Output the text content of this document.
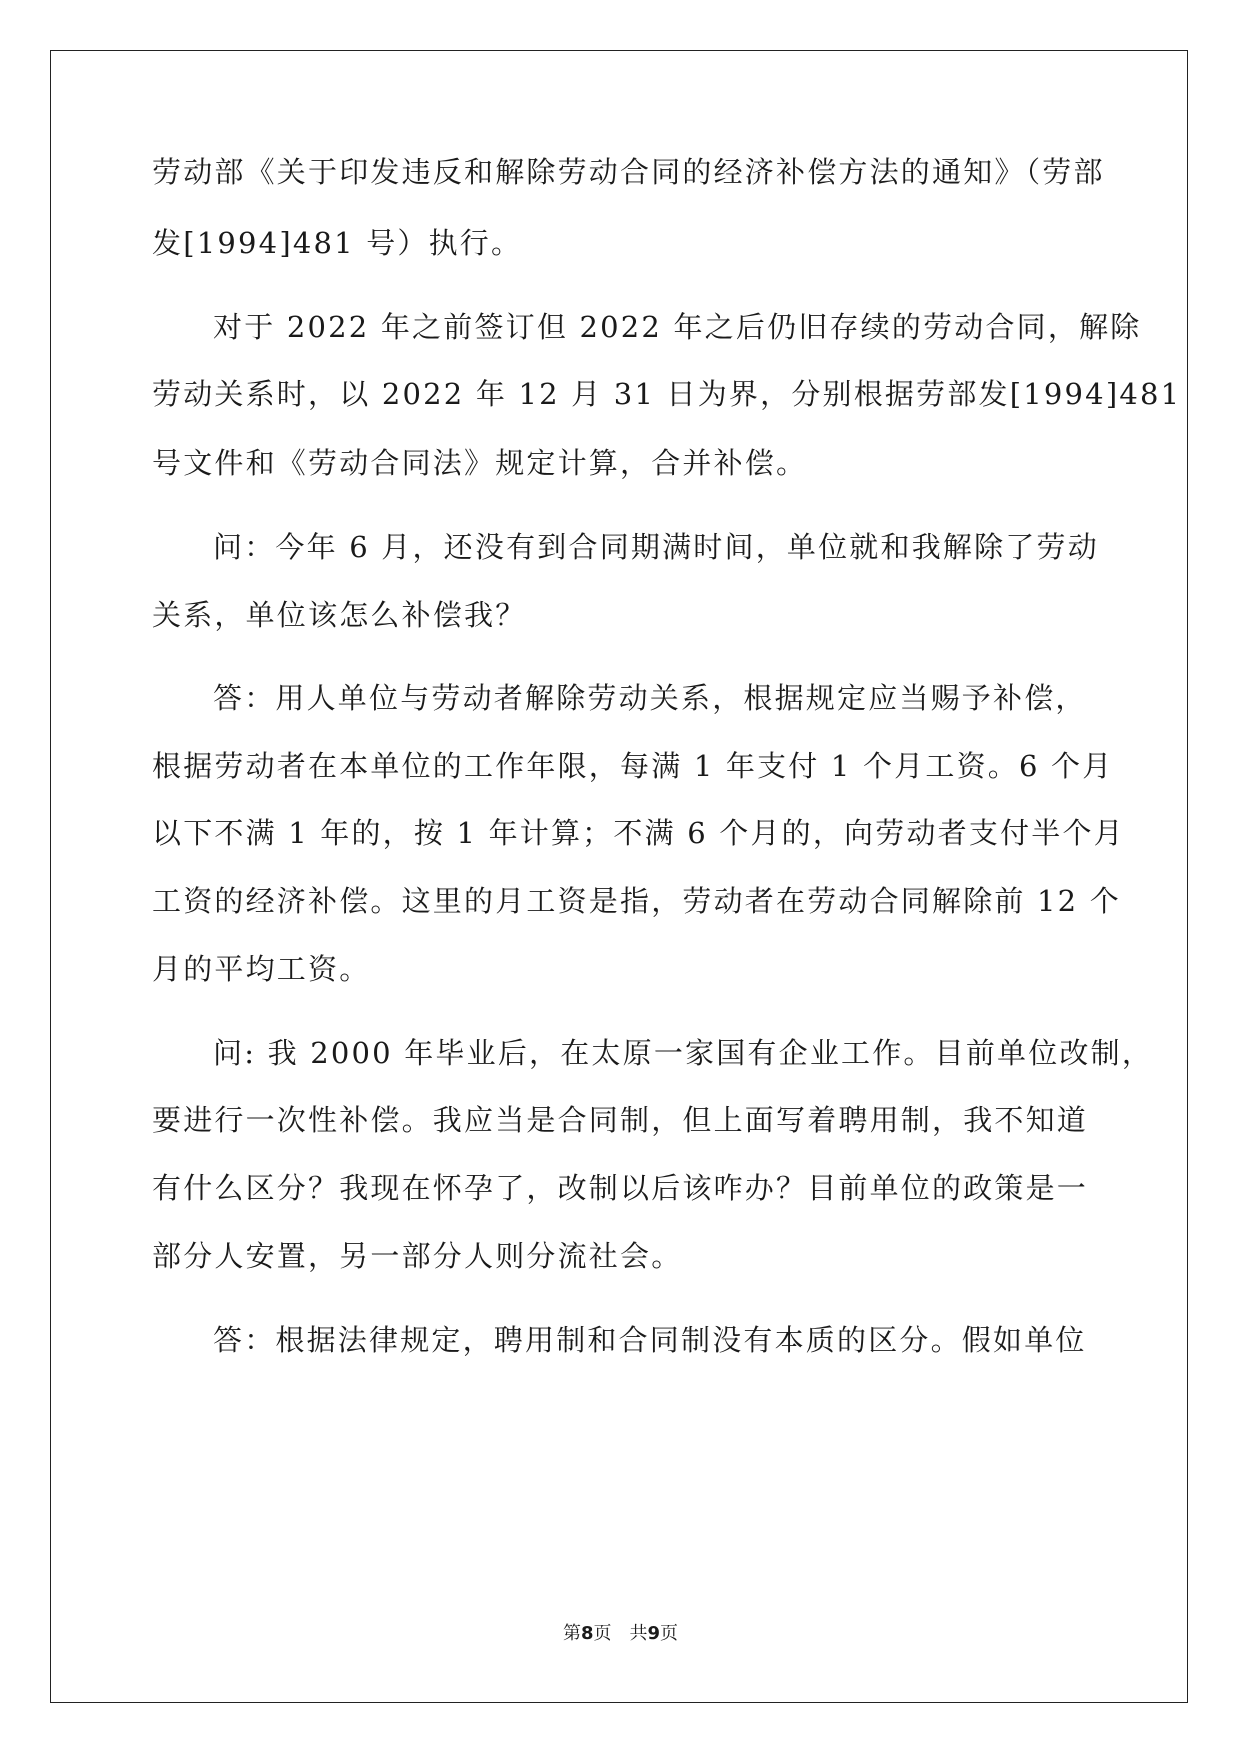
劳动部《关于印发违反和解除劳动合同的经济补偿方法的通知》（劳部
发[1994]481 号）执行。
对于 2022 年之前签订但 2022 年之后仍旧存续的劳动合同，解除
劳动关系时，以 2022 年 12 月 31 日为界，分别根据劳部发[1994]481
号文件和《劳动合同法》规定计算，合并补偿。
问：今年 6 月，还没有到合同期满时间，单位就和我解除了劳动
关系，单位该怎么补偿我？
答：用人单位与劳动者解除劳动关系，根据规定应当赐予补偿，
根据劳动者在本单位的工作年限，每满 1 年支付 1 个月工资。6 个月
以下不满 1 年的，按 1 年计算；不满 6 个月的，向劳动者支付半个月
工资的经济补偿。这里的月工资是指，劳动者在劳动合同解除前 12 个
月的平均工资。
问: 我 2000 年毕业后，在太原一家国有企业工作。目前单位改制，
要进行一次性补偿。我应当是合同制，但上面写着聘用制，我不知道
有什么区分？我现在怀孕了，改制以后该咋办？目前单位的政策是一
部分人安置，另一部分人则分流社会。
答：根据法律规定，聘用制和合同制没有本质的区分。假如单位
第8页 共9页
